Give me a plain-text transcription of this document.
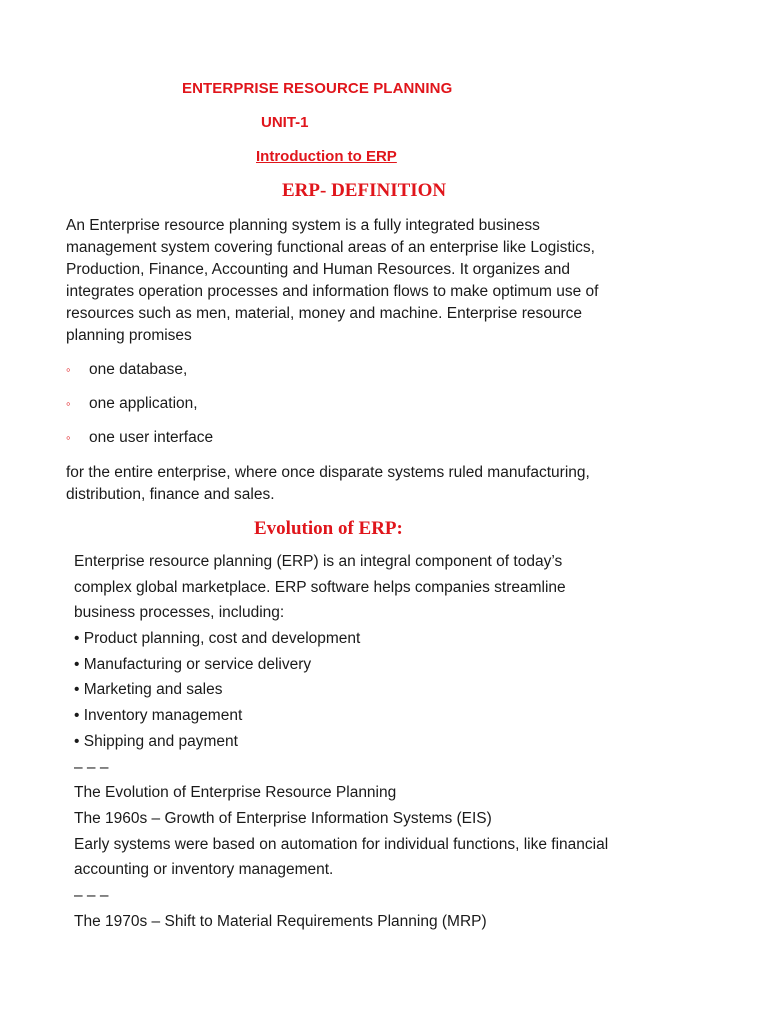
ENTERPRISE RESOURCE PLANNING
UNIT-1
Introduction to ERP
ERP- DEFINITION
An Enterprise resource planning system is a fully integrated business
management system covering functional areas of an enterprise like Logistics,
Production, Finance, Accounting and Human Resources. It organizes and
integrates operation processes and information flows to make optimum use of
resources such as men, material, money and machine. Enterprise resource
planning promises
◦	one database,
◦	one application,
◦	one user interface
for the entire enterprise, where once disparate systems ruled manufacturing,
distribution, finance and sales.
Evolution of ERP:
Enterprise resource planning (ERP) is an integral component of today’s
complex global marketplace. ERP software helps companies streamline
business processes, including:
• Product planning, cost and development
• Manufacturing or service delivery
• Marketing and sales
• Inventory management
• Shipping and payment
– – –
The Evolution of Enterprise Resource Planning
The 1960s – Growth of Enterprise Information Systems (EIS)
Early systems were based on automation for individual functions, like financial
accounting or inventory management.
– – –
The 1970s – Shift to Material Requirements Planning (MRP)
